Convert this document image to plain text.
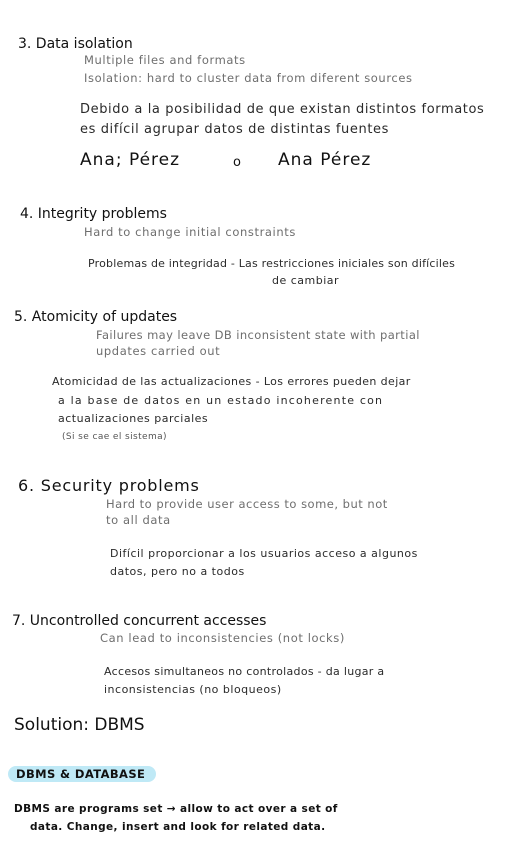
3. Data isolation
Multiple files and formats
Isolation: hard to cluster data from diferent sources
Debido a la posibilidad de que existan distintos formatos
es difícil agrupar datos de distintas fuentes
Ana; Pérez	o Ana Pérez
4. Integrity problems
Hard to change initial constraints
Problemas de integridad - Las restricciones iniciales son difíciles
de cambiar
5. Atomicity of updates
Failures may leave DB inconsistent state with partial
updates carried out
Atomicidad de las actualizaciones - Los errores pueden dejar
a la base de datos en un estado incoherente con
actualizaciones parciales
(Si se cae el sistema)
6. Security problems
Hard to provide user access to some, but not
to all data
Difícil proporcionar a los usuarios acceso a algunos
datos, pero no a todos
7. Uncontrolled concurrent accesses
Can lead to inconsistencies (not locks)
Accesos simultaneos no controlados - da lugar a
inconsistencias (no bloqueos)
Solution: DBMS
DBMS & DATABASE
DBMS are programs set → allow to act over a set of
data. Change, insert and look for related data.
